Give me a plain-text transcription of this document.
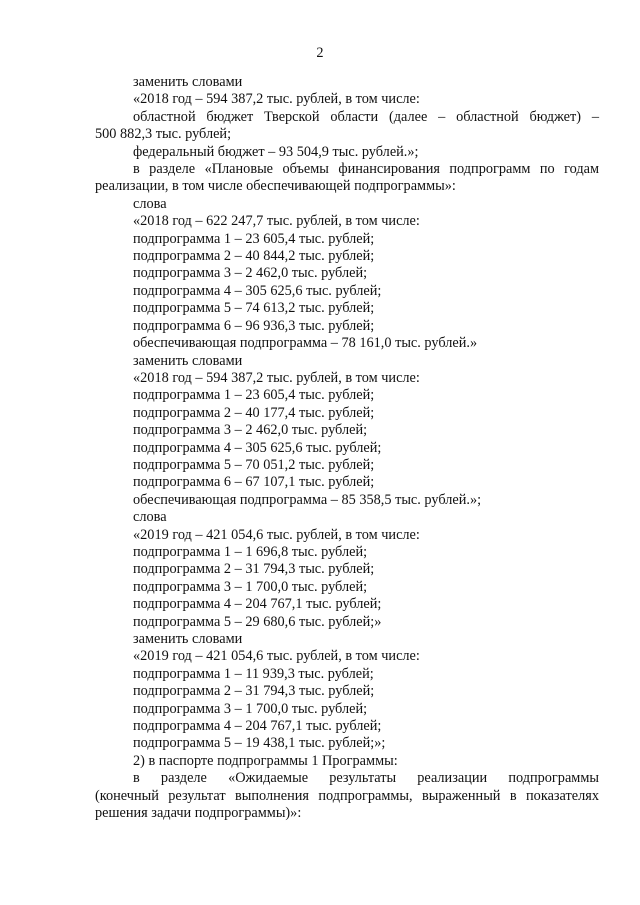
2
заменить словами
«2018 год – 594 387,2 тыс. рублей, в том числе:
областной бюджет Тверской области (далее – областной бюджет) –
500 882,3 тыс. рублей;
федеральный бюджет – 93 504,9 тыс. рублей.»;
в разделе «Плановые объемы финансирования подпрограмм по годам
реализации, в том числе обеспечивающей подпрограммы»:
слова
«2018 год – 622 247,7 тыс. рублей, в том числе:
подпрограмма 1 – 23 605,4 тыс. рублей;
подпрограмма 2 – 40 844,2 тыс. рублей;
подпрограмма 3 – 2 462,0 тыс. рублей;
подпрограмма 4 – 305 625,6 тыс. рублей;
подпрограмма 5 – 74 613,2 тыс. рублей;
подпрограмма 6 – 96 936,3 тыс. рублей;
обеспечивающая подпрограмма – 78 161,0 тыс. рублей.»
заменить словами
«2018 год – 594 387,2 тыс. рублей, в том числе:
подпрограмма 1 – 23 605,4 тыс. рублей;
подпрограмма 2 – 40 177,4 тыс. рублей;
подпрограмма 3 – 2 462,0 тыс. рублей;
подпрограмма 4 – 305 625,6 тыс. рублей;
подпрограмма 5 – 70 051,2 тыс. рублей;
подпрограмма 6 – 67 107,1 тыс. рублей;
обеспечивающая подпрограмма – 85 358,5 тыс. рублей.»;
слова
«2019 год – 421 054,6 тыс. рублей, в том числе:
подпрограмма 1 – 1 696,8 тыс. рублей;
подпрограмма 2 – 31 794,3 тыс. рублей;
подпрограмма 3 – 1 700,0 тыс. рублей;
подпрограмма 4 – 204 767,1 тыс. рублей;
подпрограмма 5 – 29 680,6 тыс. рублей;»
заменить словами
«2019 год – 421 054,6 тыс. рублей, в том числе:
подпрограмма 1 – 11 939,3 тыс. рублей;
подпрограмма 2 – 31 794,3 тыс. рублей;
подпрограмма 3 – 1 700,0 тыс. рублей;
подпрограмма 4 – 204 767,1 тыс. рублей;
подпрограмма 5 – 19 438,1 тыс. рублей;»;
2) в паспорте подпрограммы 1 Программы:
в разделе «Ожидаемые результаты реализации подпрограммы
(конечный результат выполнения подпрограммы, выраженный в показателях
решения задачи подпрограммы)»:
